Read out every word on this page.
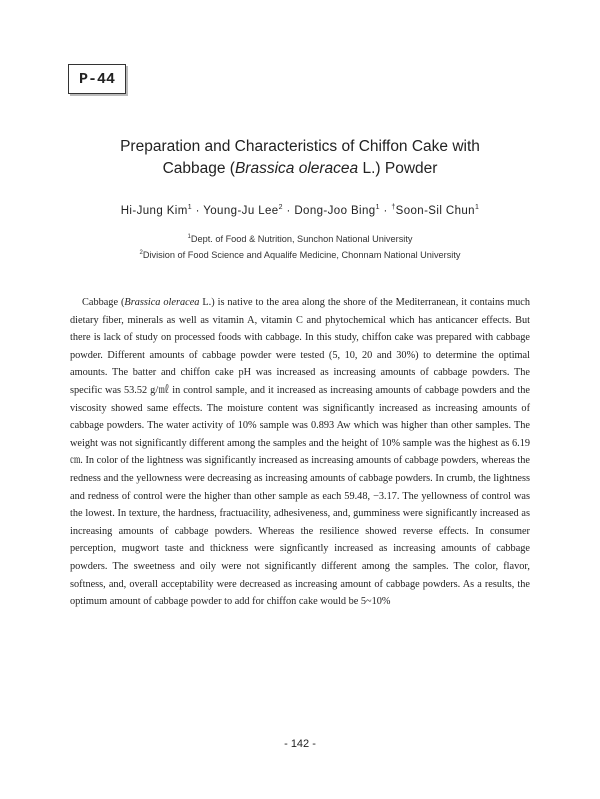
P-44
Preparation and Characteristics of Chiffon Cake with
Cabbage (Brassica oleracea L.) Powder
Hi-Jung Kim$^1$ · Young-Ju Lee$^2$ · Dong-Joo Bing$^1$ · †Soon-Sil Chun$^1$
$^1$Dept. of Food & Nutrition, Sunchon National University
$^2$Division of Food Science and Aqualife Medicine, Chonnam National University
Cabbage (Brassica oleracea L.) is native to the area along the shore of the Mediterranean, it contains much dietary fiber, minerals as well as vitamin A, vitamin C and phytochemical which has anticancer effects. But there is lack of study on processed foods with cabbage. In this study, chiffon cake was prepared with cabbage powder. Different amounts of cabbage powder were tested (5, 10, 20 and 30%) to determine the optimal amounts. The batter and chiffon cake pH was increased as increasing amounts of cabbage powders. The specific was 53.52 g/㎖ in control sample, and it increased as increasing amounts of cabbage powders and the viscosity showed same effects. The moisture content was significantly increased as increasing amounts of cabbage powders. The water activity of 10% sample was 0.893 Aw which was higher than other samples. The weight was not significantly different among the samples and the height of 10% sample was the highest as 6.19 ㎝. In color of the lightness was significantly increased as increasing amounts of cabbage powders, whereas the redness and the yellowness were decreasing as increasing amounts of cabbage powders. In crumb, the lightness and redness of control were the higher than other sample as each 59.48, −3.17. The yellowness of control was the lowest. In texture, the hardness, fractuacility, adhesiveness, and, gumminess were significantly increased as increasing amounts of cabbage powders. Whereas the resilience showed reverse effects. In consumer perception, mugwort taste and thickness were signficantly increased as increasing amounts of cabbage powders. The sweetness and oily were not significantly different among the samples. The color, flavor, softness, and, overall acceptability were decreased as increasing amount of cabbage powders. As a results, the optimum amount of cabbage powder to add for chiffon cake would be 5~10%
- 142 -
